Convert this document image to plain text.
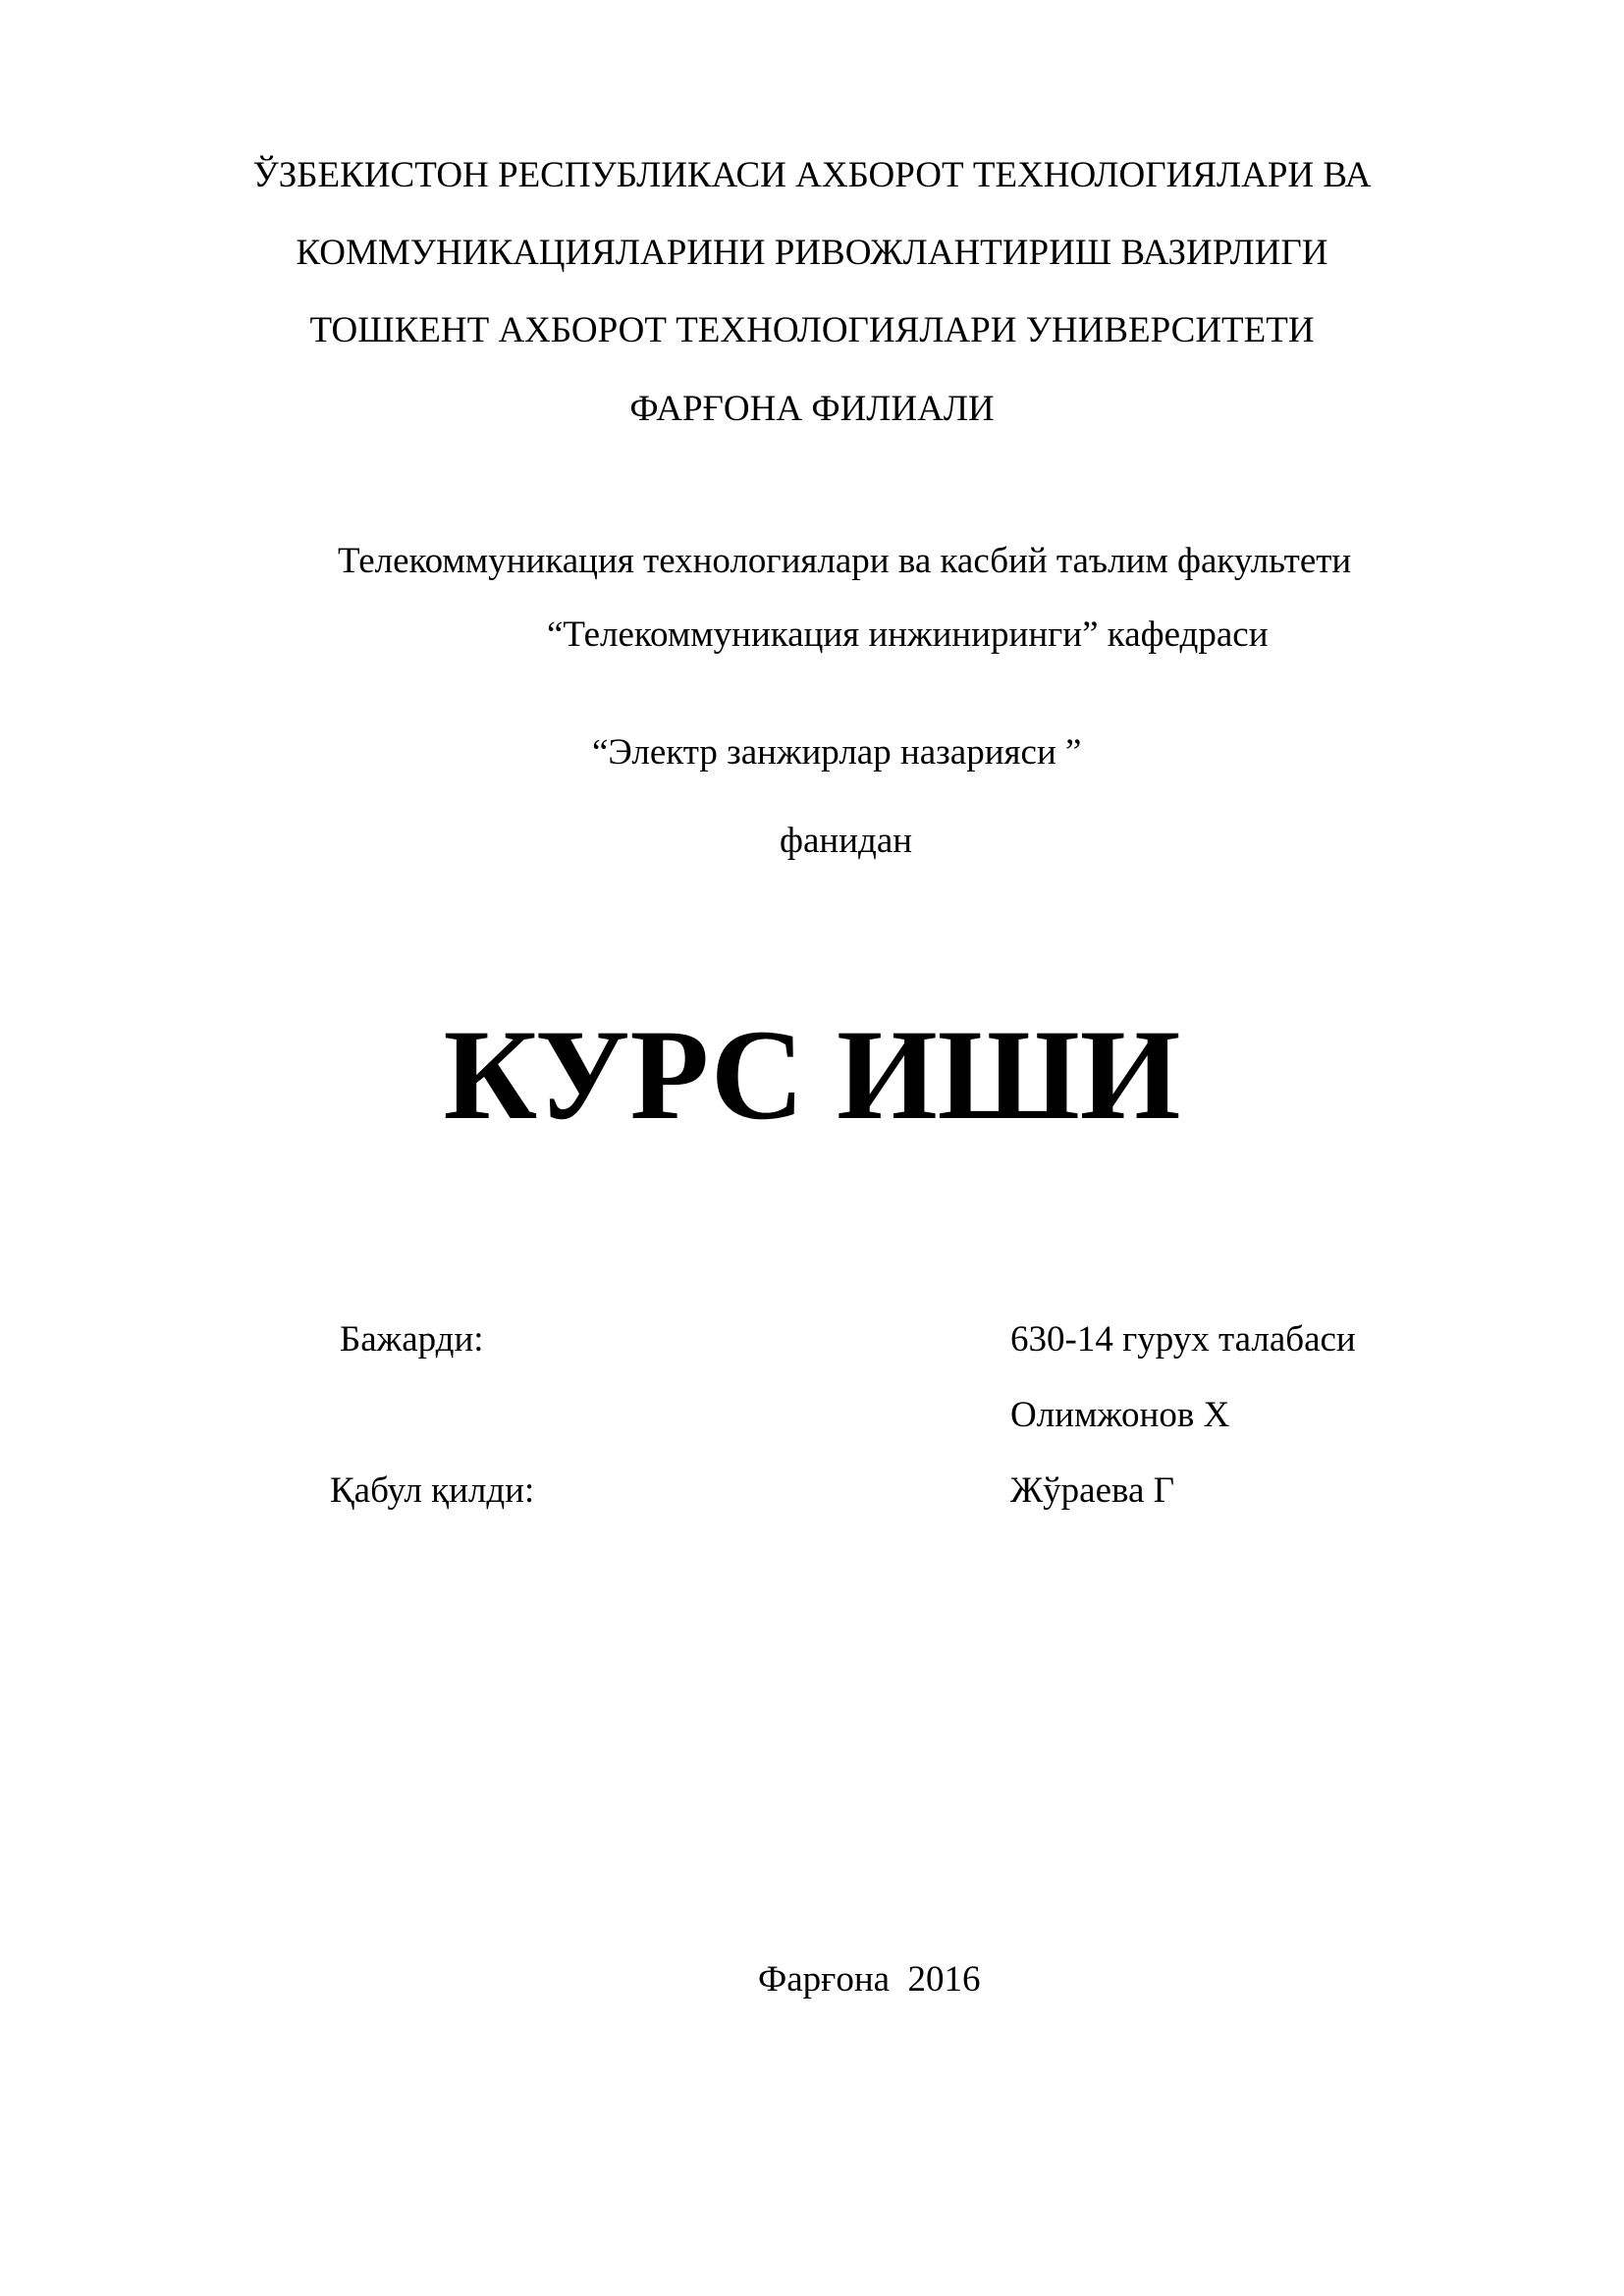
ЎЗБЕКИСТОН РЕСПУБЛИКАСИ АХБОРОТ ТЕХНОЛОГИЯЛАРИ ВА
КОММУНИКАЦИЯЛАРИНИ РИВОЖЛАНТИРИШ ВАЗИРЛИГИ
ТОШКЕНТ АХБОРОТ ТЕХНОЛОГИЯЛАРИ УНИВЕРСИТЕТИ
ФАРҒОНА ФИЛИАЛИ
Телекоммуникация технологиялари ва касбий таълим факультети
“Телекоммуникация инжиниринги” кафедраси
“Электр занжирлар назарияси ”
фанидан
КУРС ИШИ
Бажарди:	630-14 гурух талабаси
Олимжонов Х
Қабул қилди:	Жўраева Г
Фарғона  2016
